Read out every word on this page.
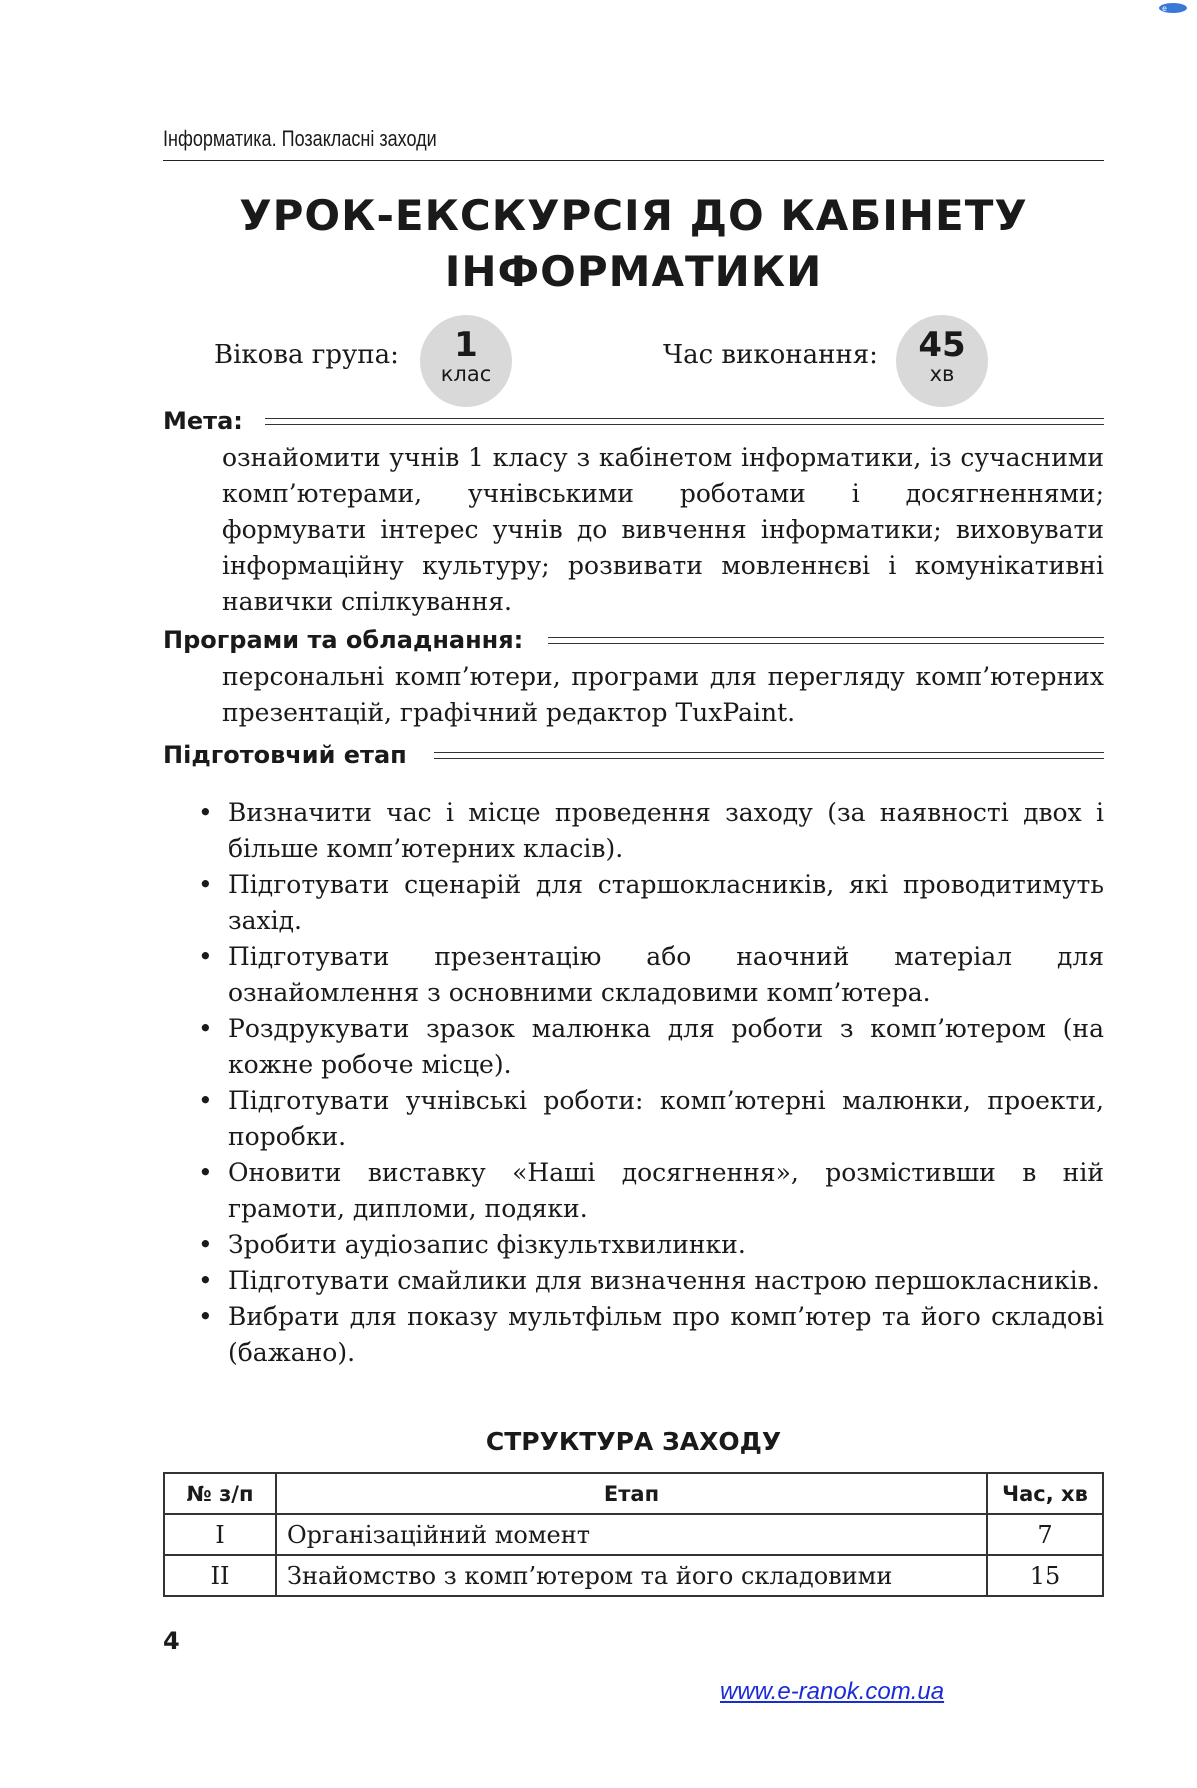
e
Інформатика. Позакласні заходи
УРОК-ЕКСКУРСІЯ ДО КАБІНЕТУ
ІНФОРМАТИКИ
Вікова група:	1
клас
Час виконання:	45
хв
Мета:

ознайомити учнів 1 класу з кабінетом інформатики, із сучасними комп’ютерами, учнівськими роботами і досягненнями; формувати інтерес учнів до вивчення інформатики; виховувати інформаційну культуру; розвивати мовленнєві і комунікативні навички спілкування.

Програми та обладнання:

персональні комп’ютери, програми для перегляду комп’ютерних презентацій, графічний редактор TuxPaint.

Підготовчий етап
• Визначити час і місце проведення заходу (за наявності двох і більше комп’ютерних класів).
• Підготувати сценарій для старшокласників, які проводитимуть захід.
• Підготувати презентацію або наочний матеріал для ознайомлення з основними складовими комп’ютера.
• Роздрукувати зразок малюнка для роботи з комп’ютером (на кожне робоче місце).
• Підготувати учнівські роботи: комп’ютерні малюнки, проекти, поробки.
• Оновити виставку «Наші досягнення», розмістивши в ній грамоти, дипломи, подяки.
• Зробити аудіозапис фізкультхвилинки.
• Підготувати смайлики для визначення настрою першокласників.
• Вибрати для показу мультфільм про комп’ютер та його складові (бажано).
СТРУКТУРА ЗАХОДУ
№ з/п	Етап	Час, хв
I	Організаційний момент	7
II	Знайомство з комп’ютером та його складовими	15
4
www.e-ranok.com.ua
